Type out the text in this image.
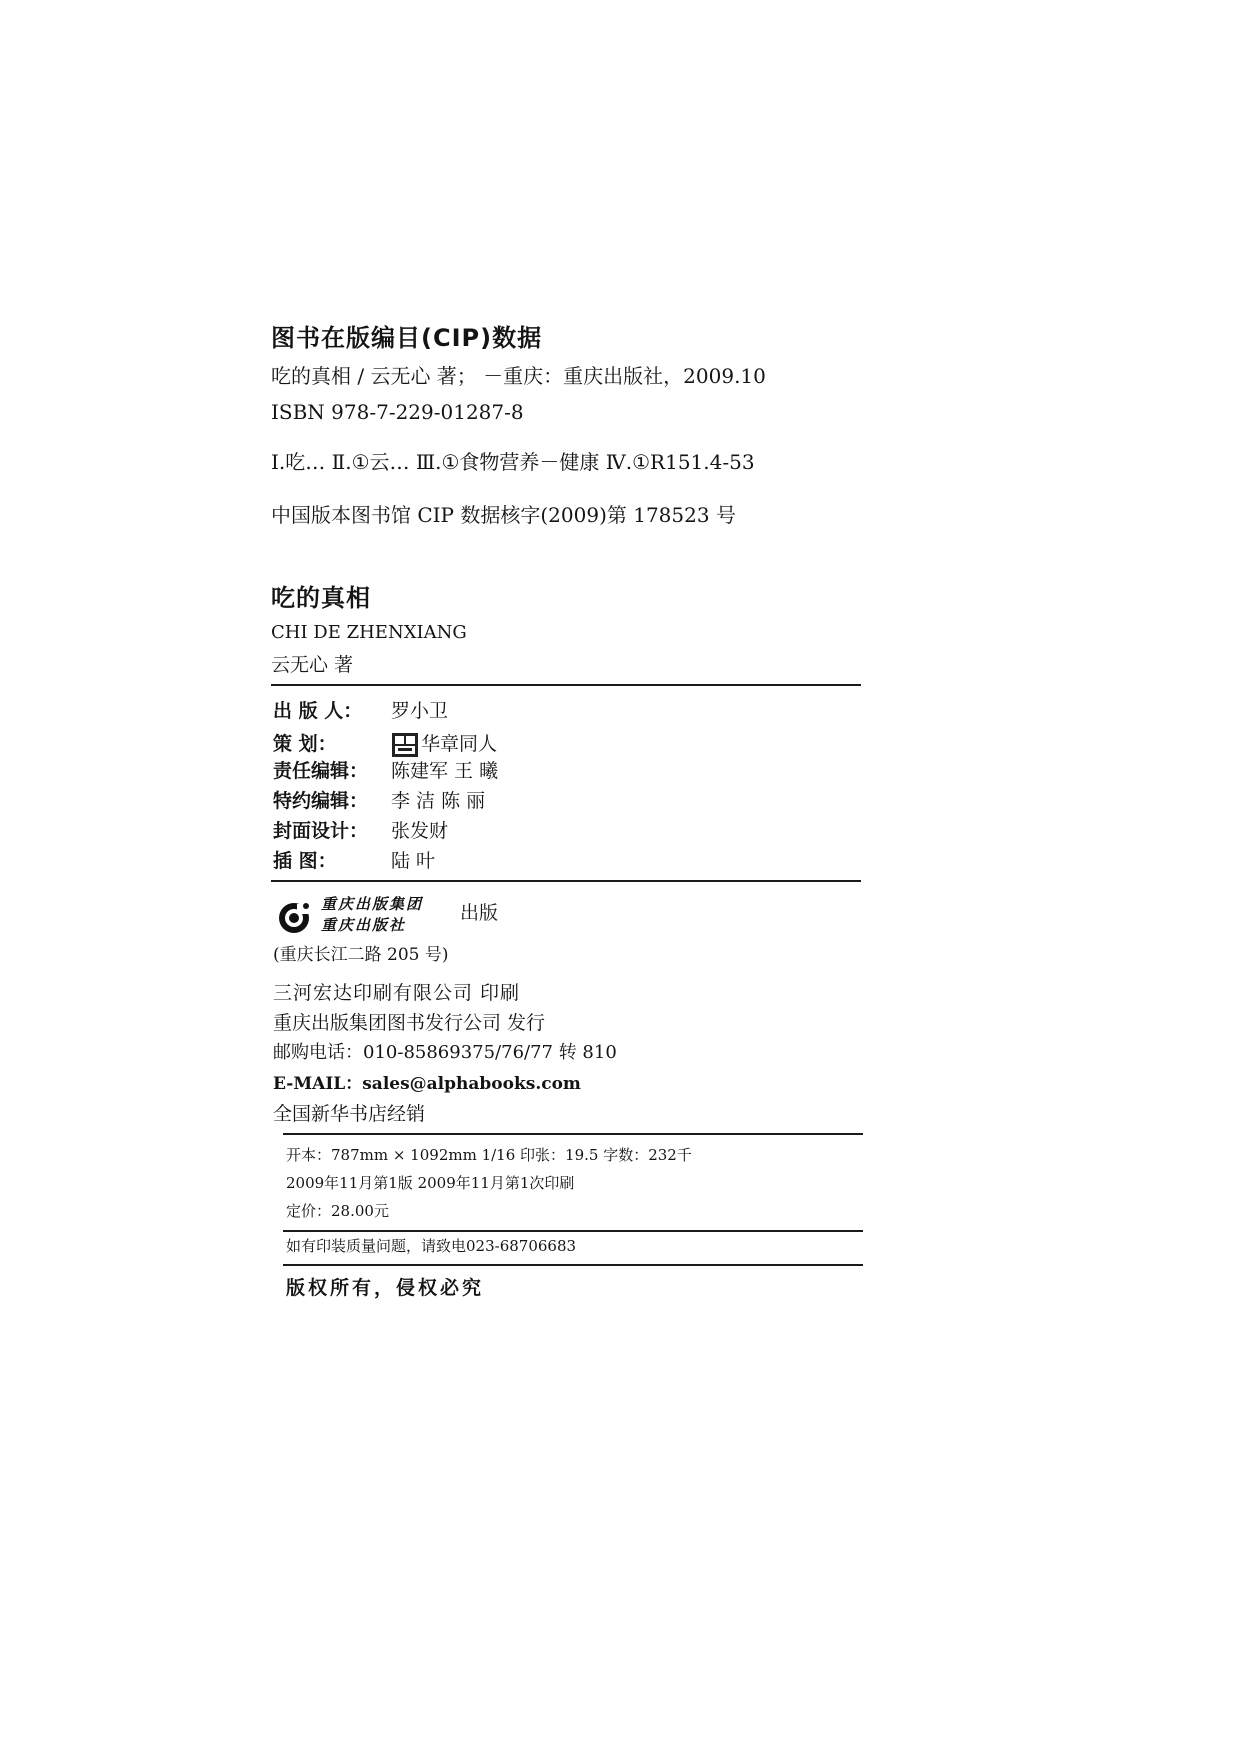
图书在版编目(CIP)数据
吃的真相 / 云无心 著； －重庆：重庆出版社，2009.10
ISBN 978-7-229-01287-8
Ⅰ.吃… Ⅱ.①云… Ⅲ.①食物营养－健康 Ⅳ.①R151.4-53
中国版本图书馆 CIP 数据核字(2009)第 178523 号
吃的真相
CHI DE ZHENXIANG
云无心 著
出 版 人： 罗小卫
策 划：	华章同人
责任编辑： 陈建军 王 曦
特约编辑： 李 洁 陈 丽
封面设计： 张发财
插 图：	陆 叶
重庆出版集团
重庆出版社
出版
(重庆长江二路 205 号)
三河宏达印刷有限公司 印刷
重庆出版集团图书发行公司 发行
邮购电话：010-85869375/76/77 转 810
E-MAIL：sales@alphabooks.com
全国新华书店经销
开本：787mm × 1092mm 1/16 印张：19.5 字数：232千
2009年11月第1版 2009年11月第1次印刷
定价：28.00元
如有印装质量问题，请致电023-68706683
版权所有，侵权必究
